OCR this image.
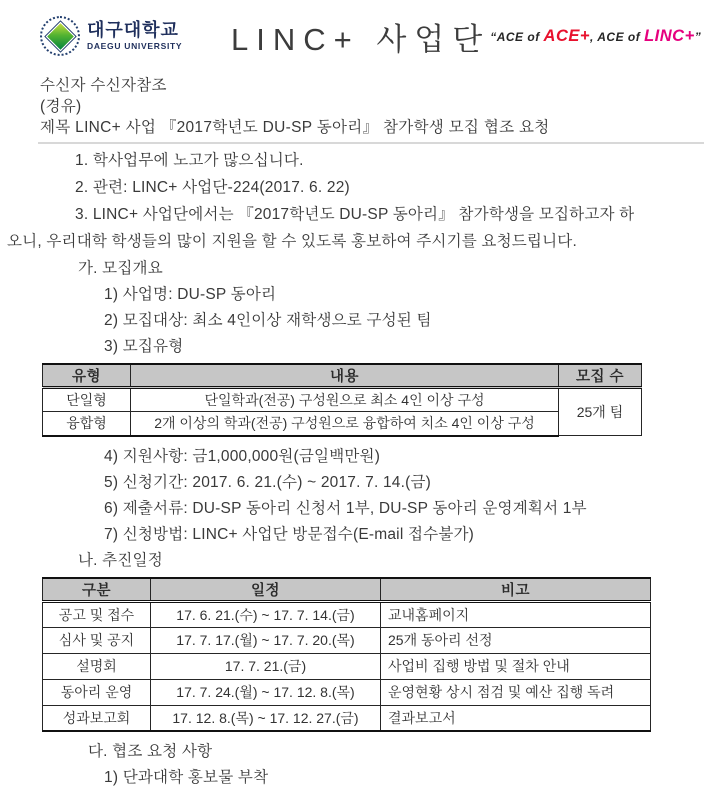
대구대학교
DAEGU UNIVERSITY LINC+ 사업단 “ACE of ACE+, ACE of LINC+”
수신자 수신자참조
(경유)
제목 LINC+ 사업 『2017학년도 DU-SP 동아리』 참가학생 모집 협조 요청
1. 학사업무에 노고가 많으십니다.
2. 관련: LINC+ 사업단-224(2017. 6. 22)
3. LINC+ 사업단에서는 『2017학년도 DU-SP 동아리』 참가학생을 모집하고자 하
오니, 우리대학 학생들의 많이 지원을 할 수 있도록 홍보하여 주시기를 요청드립니다.
가. 모집개요
1) 사업명: DU-SP 동아리
2) 모집대상: 최소 4인이상 재학생으로 구성된 팀
3) 모집유형
유형	내용	모집 수
단일형	단일학과(전공) 구성원으로 최소 4인 이상 구성	25개 팀
융합형	2개 이상의 학과(전공) 구성원으로 융합하여 치소 4인 이상 구성	
4) 지원사항: 금1,000,000원(금일백만원)
5) 신청기간: 2017. 6. 21.(수) ~ 2017. 7. 14.(금)
6) 제출서류: DU-SP 동아리 신청서 1부, DU-SP 동아리 운영계획서 1부
7) 신청방법: LINC+ 사업단 방문접수(E-mail 접수불가)
나. 추진일정
구분	일정	비고
공고 및 접수	17. 6. 21.(수) ~ 17. 7. 14.(금)	교내홈페이지
심사 및 공지	17. 7. 17.(월) ~ 17. 7. 20.(목)	25개 동아리 선정
설명회	17. 7. 21.(금)	사업비 집행 방법 및 절차 안내
동아리 운영	17. 7. 24.(월) ~ 17. 12. 8.(목)	운영현황 상시 점검 및 예산 집행 독려
성과보고회	17. 12. 8.(목) ~ 17. 12. 27.(금)	결과보고서
다. 협조 요청 사항
1) 단과대학 홍보물 부착
